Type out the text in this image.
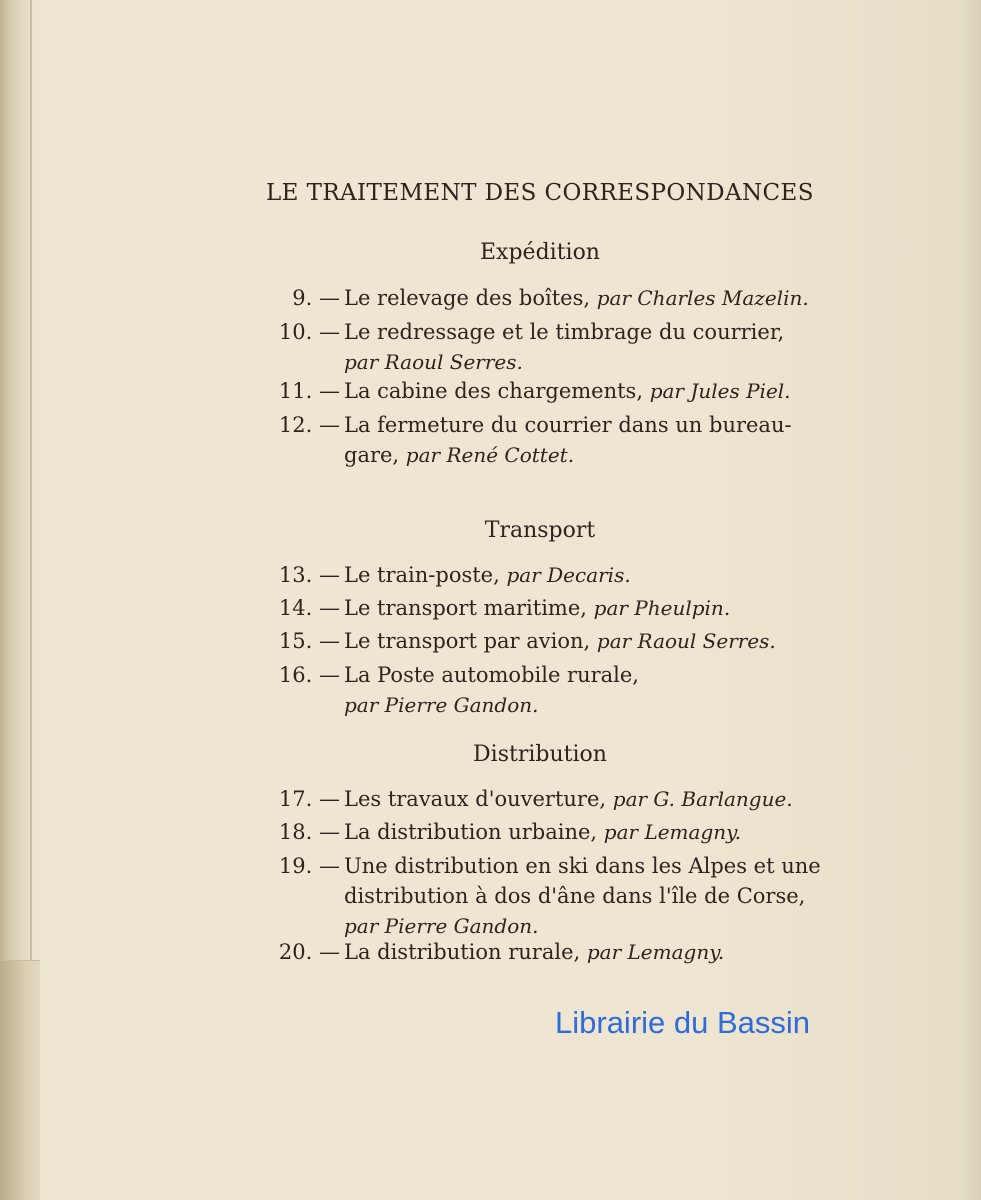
LE TRAITEMENT DES CORRESPONDANCES
Expédition
9. — Le relevage des boîtes, par Charles Mazelin.
10. — Le redressage et le timbrage du courrier,
par Raoul Serres.
11. — La cabine des chargements, par Jules Piel.
12. — La fermeture du courrier dans un bureau-
gare, par René Cottet.
Transport
13. — Le train-poste, par Decaris.
14. — Le transport maritime, par Pheulpin.
15. — Le transport par avion, par Raoul Serres.
16. — La Poste automobile rurale, par Pierre Gandon.
Distribution
17. — Les travaux d'ouverture, par G. Barlangue.
18. — La distribution urbaine, par Lemagny.
19. — Une distribution en ski dans les Alpes et une
distribution à dos d'âne dans l'île de Corse,
par Pierre Gandon.
20. — La distribution rurale, par Lemagny.
Librairie du Bassin
